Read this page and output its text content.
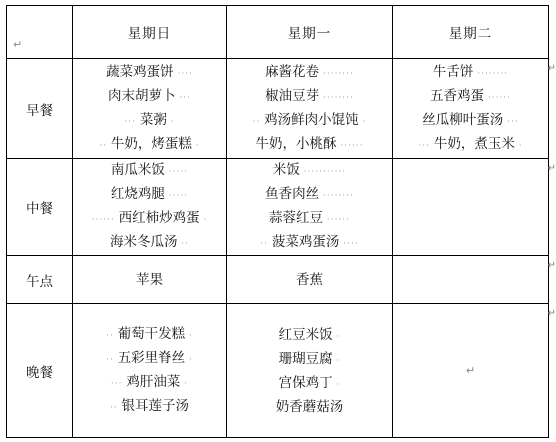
↵	星期日	星期一	星期二
早餐	蔬菜鸡蛋饼 ····
肉末胡萝卜 ···
··· 菜粥 ·
·· 牛奶，烤蛋糕 ·	麻酱花卷 ········
椒油豆芽 ········
·· 鸡汤鲜肉小馄饨 ·
牛奶，小桃酥 ······	牛舌饼 ········
五香鸡蛋 ······
丝瓜柳叶蛋汤 ···
··· 牛奶，煮玉米 ·
↵

中餐	南瓜米饭 ·····
红烧鸡腿 ·····
······ 西红柿炒鸡蛋 ·
海米冬瓜汤 ··	米饭 ···········
鱼香肉丝 ········
蒜蓉红豆 ······
·· 菠菜鸡蛋汤 ····	↵

午点	苹果	香蕉	↵

晚餐	·· 葡萄干发糕 ·
·· 五彩里脊丝 ·
··· 鸡肝油菜 ·
·· 银耳莲子汤	红豆米饭 ·
珊瑚豆腐 ·
宫保鸡丁 ·
奶香蘑菇汤	↵
↵
